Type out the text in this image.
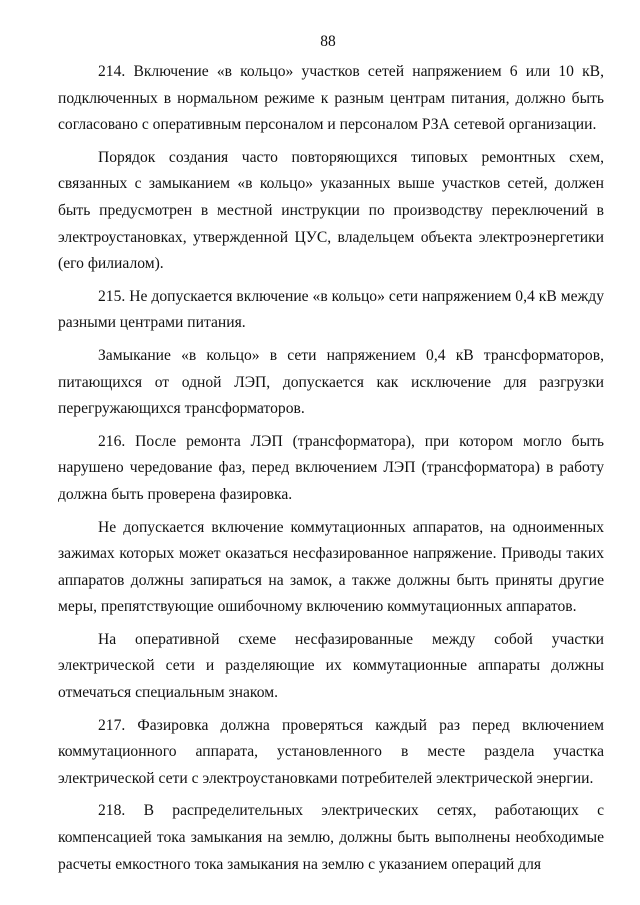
88

214. Включение «в кольцо» участков сетей напряжением 6 или 10 кВ, подключенных в нормальном режиме к разным центрам питания, должно быть согласовано с оперативным персоналом и персоналом РЗА сетевой организации.

Порядок создания часто повторяющихся типовых ремонтных схем, связанных с замыканием «в кольцо» указанных выше участков сетей, должен быть предусмотрен в местной инструкции по производству переключений в электроустановках, утвержденной ЦУС, владельцем объекта электроэнергетики (его филиалом).

215. Не допускается включение «в кольцо» сети напряжением 0,4 кВ между разными центрами питания.

Замыкание «в кольцо» в сети напряжением 0,4 кВ трансформаторов, питающихся от одной ЛЭП, допускается как исключение для разгрузки перегружающихся трансформаторов.

216. После ремонта ЛЭП (трансформатора), при котором могло быть нарушено чередование фаз, перед включением ЛЭП (трансформатора) в работу должна быть проверена фазировка.

Не допускается включение коммутационных аппаратов, на одноименных зажимах которых может оказаться несфазированное напряжение. Приводы таких аппаратов должны запираться на замок, а также должны быть приняты другие меры, препятствующие ошибочному включению коммутационных аппаратов.

На оперативной схеме несфазированные между собой участки электрической сети и разделяющие их коммутационные аппараты должны отмечаться специальным знаком.

217. Фазировка должна проверяться каждый раз перед включением коммутационного аппарата, установленного в месте раздела участка электрической сети с электроустановками потребителей электрической энергии.

218. В распределительных электрических сетях, работающих с компенсацией тока замыкания на землю, должны быть выполнены необходимые расчеты емкостного тока замыкания на землю с указанием операций для
